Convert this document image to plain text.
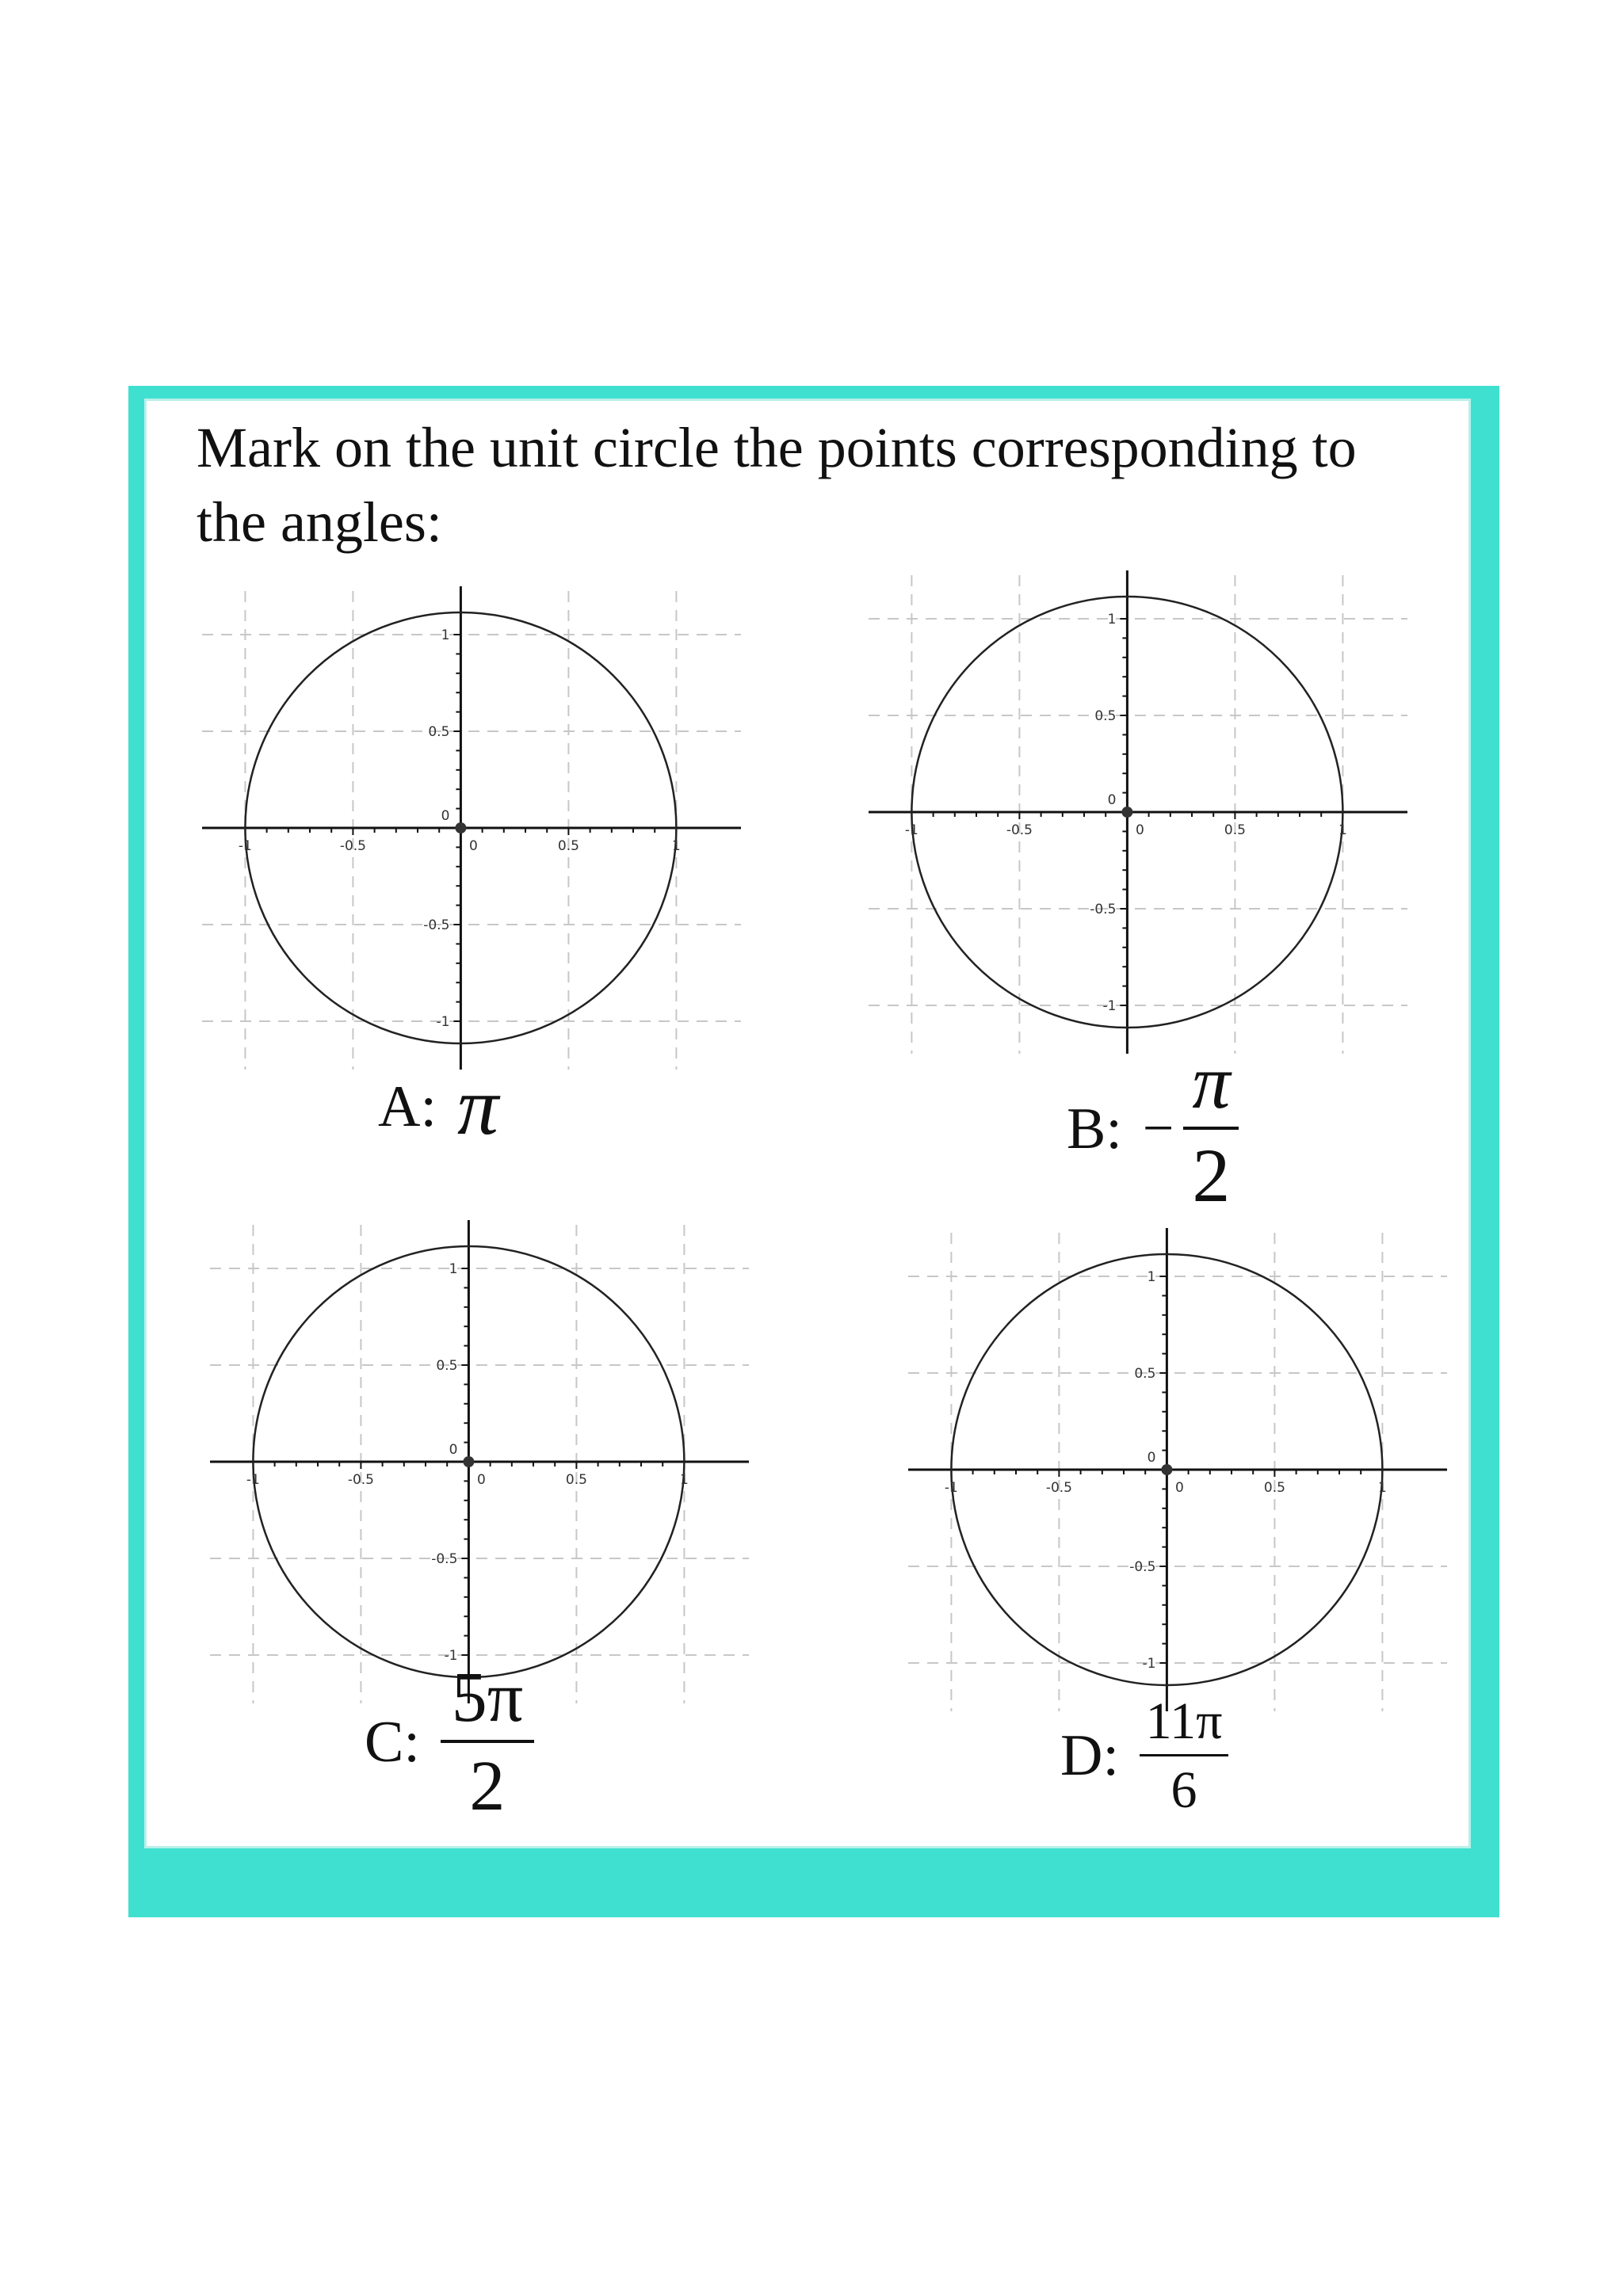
Mark on the unit circle the points corresponding to
the angles:
-1	-0.5	0	0.5	1
1
0.5
0
-0.5
-1
-1	-0.5	0	0.5	1
1
0.5
0
-0.5
-1
-1	-0.5	0	0.5	1
1
0.5
0
-0.5
-1
-1	-0.5	0	0.5	1
1
0.5
0
-0.5
-1
A: π	B: − $\frac{\pi}{2}$
C: $\frac{5\pi}{2}$	D: $\frac{11\pi}{6}$
